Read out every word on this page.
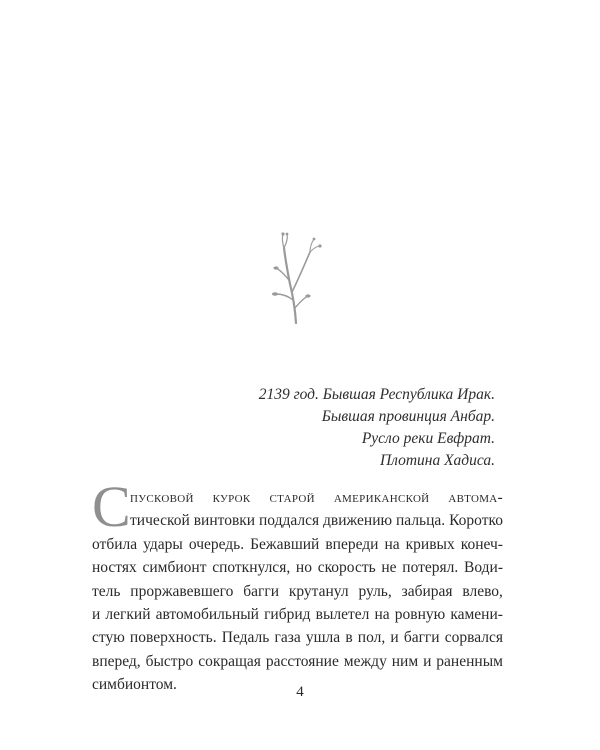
2139 год. Бывшая Республика Ирак.
Бывшая провинция Анбар.
Русло реки Евфрат.
Плотина Хадиса.
С пусковой курок старой американской автома-
тической винтовки поддался движению пальца. Коротко
отбила удары очередь. Бежавший впереди на кривых конеч-
ностях симбионт споткнулся, но скорость не потерял. Води-
тель проржавевшего багги крутанул руль, забирая влево,
и легкий автомобильный гибрид вылетел на ровную камени-
стую поверхность. Педаль газа ушла в пол, и багги сорвался
вперед, быстро сокращая расстояние между ним и раненным
симбионтом.	4
